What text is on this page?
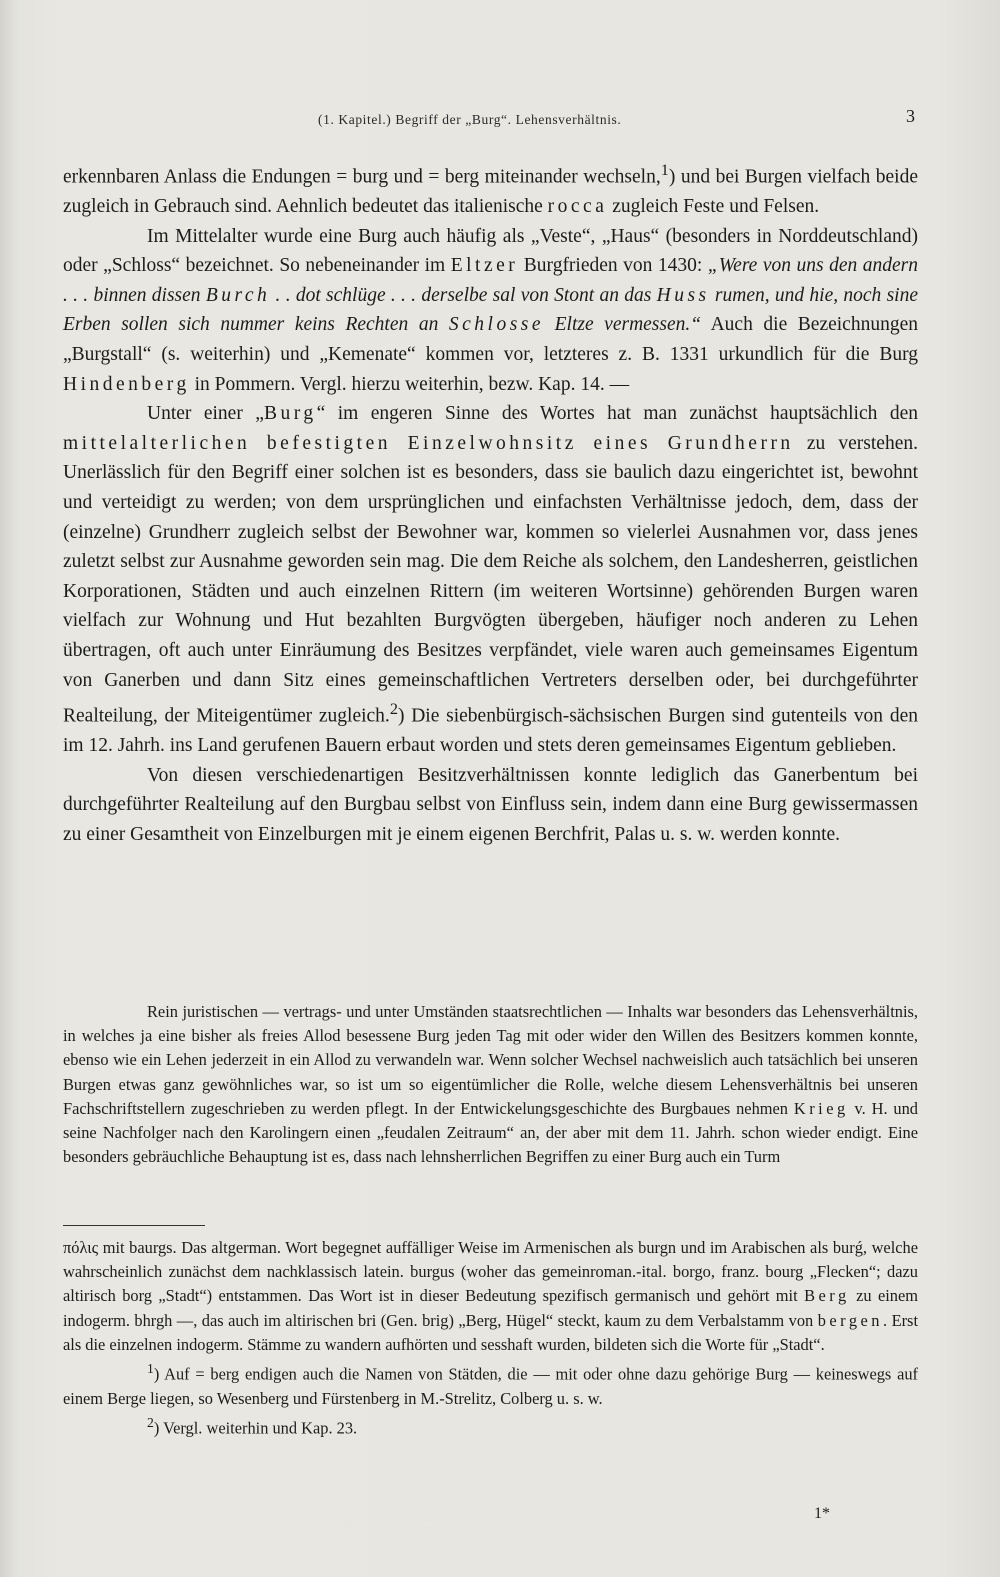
(1. Kapitel.) Begriff der „Burg“. Lehensverhältnis.	3

erkennbaren Anlass die Endungen = burg und = berg miteinander wechseln,$^1$) und bei Burgen vielfach beide zugleich in Gebrauch sind. Aehnlich bedeutet das italienische rocca zugleich Feste und Felsen.

Im Mittelalter wurde eine Burg auch häufig als „Veste“, „Haus“ (besonders in Norddeutschland) oder „Schloss“ bezeichnet. So nebeneinander im Eltzer Burgfrieden von 1430: „Were von uns den andern . . . binnen dissen Burch . . dot schlüge . . . derselbe sal von Stont an das Huss rumen, und hie, noch sine Erben sollen sich nummer keins Rechten an Schlosse Eltze vermessen.“ Auch die Bezeichnungen „Burgstall“ (s. weiterhin) und „Kemenate“ kommen vor, letzteres z. B. 1331 urkundlich für die Burg Hindenberg in Pommern. Vergl. hierzu weiterhin, bezw. Kap. 14. —

Unter einer „Burg“ im engeren Sinne des Wortes hat man zunächst hauptsächlich den mittelalterlichen befestigten Einzelwohnsitz eines Grundherrn zu verstehen. Unerlässlich für den Begriff einer solchen ist es besonders, dass sie baulich dazu eingerichtet ist, bewohnt und verteidigt zu werden; von dem ursprünglichen und einfachsten Verhältnisse jedoch, dem, dass der (einzelne) Grundherr zugleich selbst der Bewohner war, kommen so vielerlei Ausnahmen vor, dass jenes zuletzt selbst zur Ausnahme geworden sein mag. Die dem Reiche als solchem, den Landesherren, geistlichen Korporationen, Städten und auch einzelnen Rittern (im weiteren Wortsinne) gehörenden Burgen waren vielfach zur Wohnung und Hut bezahlten Burgvögten übergeben, häufiger noch anderen zu Lehen übertragen, oft auch unter Einräumung des Besitzes verpfändet, viele waren auch gemeinsames Eigentum von Ganerben und dann Sitz eines gemeinschaftlichen Vertreters derselben oder, bei durchgeführter Realteilung, der Miteigentümer zugleich.$^2$) Die siebenbürgisch-sächsischen Burgen sind gutenteils von den im 12. Jahrh. ins Land gerufenen Bauern erbaut worden und stets deren gemeinsames Eigentum geblieben.

Von diesen verschiedenartigen Besitzverhältnissen konnte lediglich das Ganerbentum bei durchgeführter Realteilung auf den Burgbau selbst von Einfluss sein, indem dann eine Burg gewissermassen zu einer Gesamtheit von Einzelburgen mit je einem eigenen Berchfrit, Palas u. s. w. werden konnte.

Rein juristischen — vertrags- und unter Umständen staatsrechtlichen — Inhalts war besonders das Lehensverhältnis, in welches ja eine bisher als freies Allod besessene Burg jeden Tag mit oder wider den Willen des Besitzers kommen konnte, ebenso wie ein Lehen jederzeit in ein Allod zu verwandeln war. Wenn solcher Wechsel nachweislich auch tatsächlich bei unseren Burgen etwas ganz gewöhnliches war, so ist um so eigentümlicher die Rolle, welche diesem Lehensverhältnis bei unseren Fachschriftstellern zugeschrieben zu werden pflegt. In der Entwickelungsgeschichte des Burgbaues nehmen Krieg v. H. und seine Nachfolger nach den Karolingern einen „feudalen Zeitraum“ an, der aber mit dem 11. Jahrh. schon wieder endigt. Eine besonders gebräuchliche Behauptung ist es, dass nach lehnsherrlichen Begriffen zu einer Burg auch ein Turm

πόλις mit baurgs. Das altgerman. Wort begegnet auffälliger Weise im Armenischen als burgn und im Arabischen als burǵ, welche wahrscheinlich zunächst dem nachklassisch latein. burgus (woher das gemeinroman.-ital. borgo, franz. bourg „Flecken“; dazu altirisch borg „Stadt“) entstammen. Das Wort ist in dieser Bedeutung spezifisch germanisch und gehört mit Berg zu einem indogerm. bhrgh —, das auch im altirischen bri (Gen. brig) „Berg, Hügel“ steckt, kaum zu dem Verbalstamm von bergen. Erst als die einzelnen indogerm. Stämme zu wandern aufhörten und sesshaft wurden, bildeten sich die Worte für „Stadt“.

$^1$) Auf = berg endigen auch die Namen von Stätden, die — mit oder ohne dazu gehörige Burg — keineswegs auf einem Berge liegen, so Wesenberg und Fürstenberg in M.-Strelitz, Colberg u. s. w.

$^2$) Vergl. weiterhin und Kap. 23.

1*
